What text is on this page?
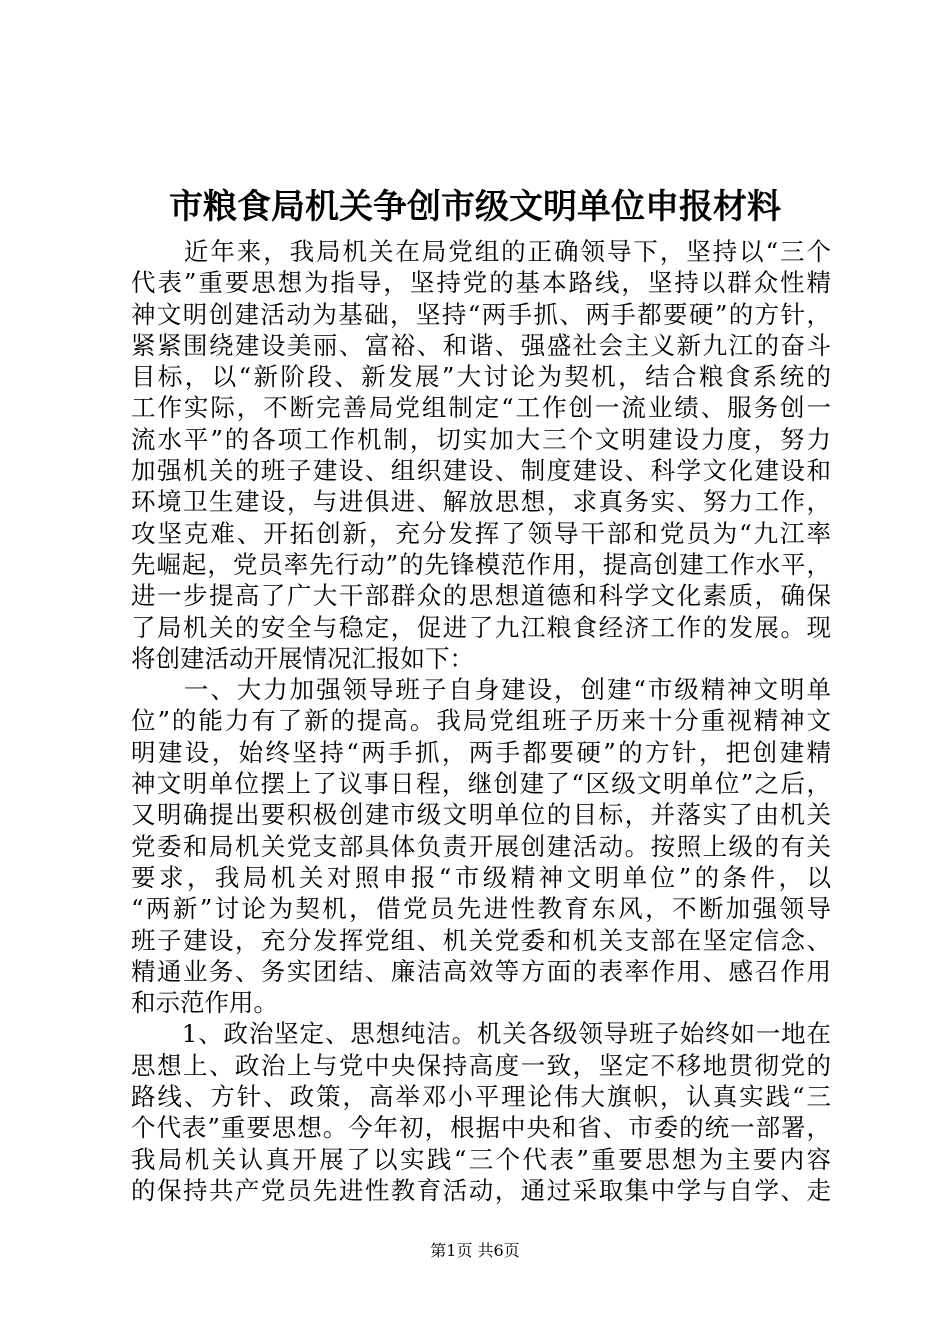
市粮食局机关争创市级文明单位申报材料
　　近年来，我局机关在局党组的正确领导下，坚持以“三个
代表”重要思想为指导，坚持党的基本路线，坚持以群众性精
神文明创建活动为基础，坚持“两手抓、两手都要硬”的方针，
紧紧围绕建设美丽、富裕、和谐、强盛社会主义新九江的奋斗
目标，以“新阶段、新发展”大讨论为契机，结合粮食系统的
工作实际，不断完善局党组制定“工作创一流业绩、服务创一
流水平”的各项工作机制，切实加大三个文明建设力度，努力
加强机关的班子建设、组织建设、制度建设、科学文化建设和
环境卫生建设，与进俱进、解放思想，求真务实、努力工作，
攻坚克难、开拓创新，充分发挥了领导干部和党员为“九江率
先崛起，党员率先行动”的先锋模范作用，提高创建工作水平，
进一步提高了广大干部群众的思想道德和科学文化素质，确保
了局机关的安全与稳定，促进了九江粮食经济工作的发展。现
将创建活动开展情况汇报如下：
　　一、大力加强领导班子自身建设，创建“市级精神文明单
位”的能力有了新的提高。我局党组班子历来十分重视精神文
明建设，始终坚持“两手抓，两手都要硬”的方针，把创建精
神文明单位摆上了议事日程，继创建了“区级文明单位”之后，
又明确提出要积极创建市级文明单位的目标，并落实了由机关
党委和局机关党支部具体负责开展创建活动。按照上级的有关
要求，我局机关对照申报“市级精神文明单位”的条件，以
“两新”讨论为契机，借党员先进性教育东风，不断加强领导
班子建设，充分发挥党组、机关党委和机关支部在坚定信念、
精通业务、务实团结、廉洁高效等方面的表率作用、感召作用
和示范作用。
　　1、政治坚定、思想纯洁。机关各级领导班子始终如一地在
思想上、政治上与党中央保持高度一致，坚定不移地贯彻党的
路线、方针、政策，高举邓小平理论伟大旗帜，认真实践“三
个代表”重要思想。今年初，根据中央和省、市委的统一部署，
我局机关认真开展了以实践“三个代表”重要思想为主要内容
的保持共产党员先进性教育活动，通过采取集中学与自学、走
第1页 共6页
